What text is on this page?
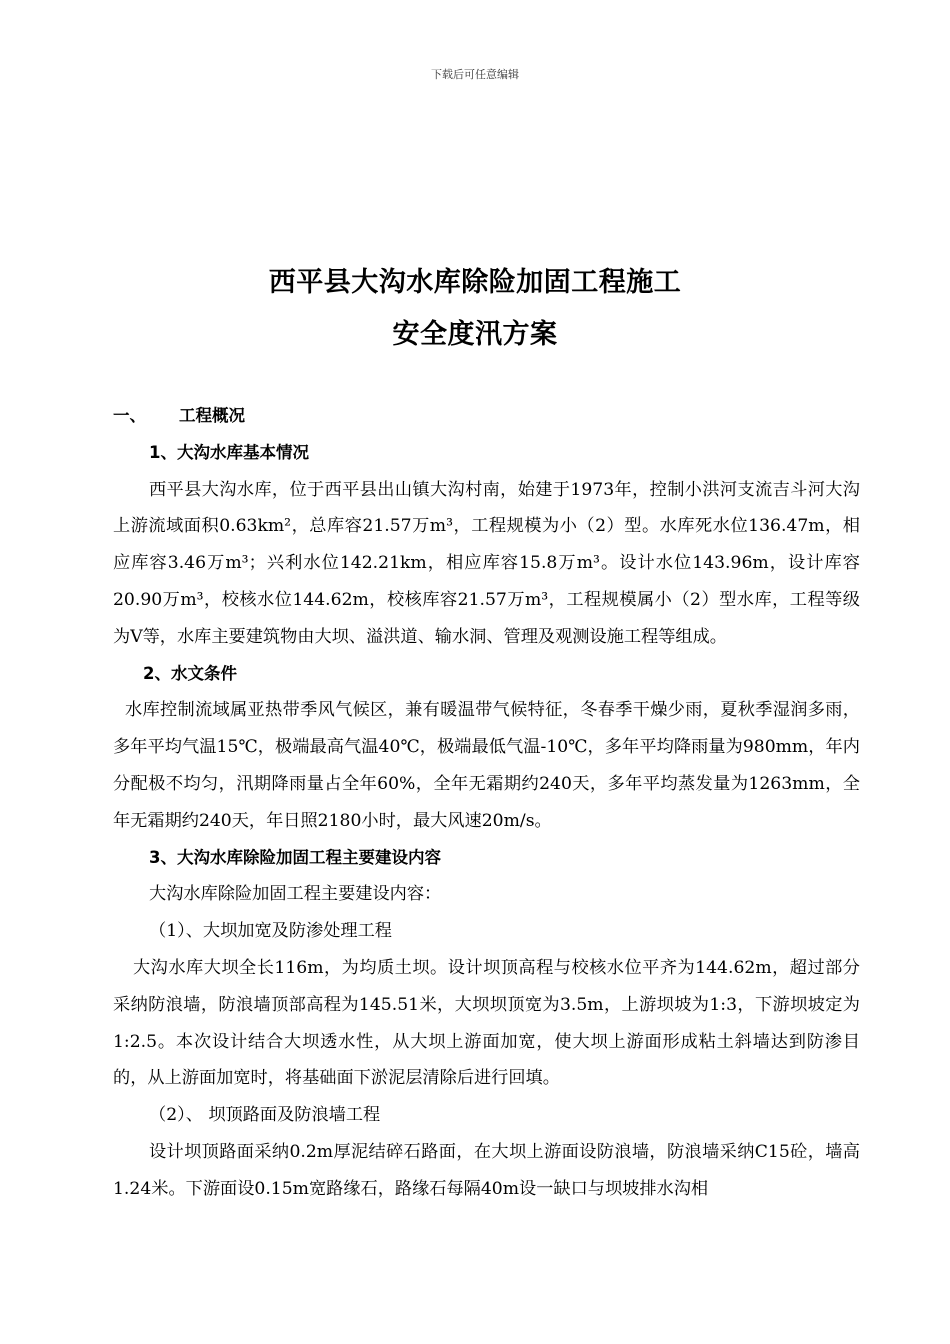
下载后可任意编辑
西平县大沟水库除险加固工程施工
安全度汛方案

一、 工程概况

1、大沟水库基本情况

西平县大沟水库，位于西平县出山镇大沟村南，始建于1973年，控制小洪河支流吉斗河大沟上游流域面积0.63km²，总库容21.57万m³，工程规模为小（2）型。水库死水位136.47m，相应库容3.46万m³；兴利水位142.21km，相应库容15.8万m³。设计水位143.96m，设计库容20.90万m³，校核水位144.62m，校核库容21.57万m³，工程规模属小（2）型水库，工程等级为Ⅴ等，水库主要建筑物由大坝、溢洪道、输水洞、管理及观测设施工程等组成。

2、水文条件

水库控制流域属亚热带季风气候区，兼有暖温带气候特征，冬春季干燥少雨，夏秋季湿润多雨，多年平均气温15℃，极端最高气温40℃，极端最低气温-10℃，多年平均降雨量为980mm，年内分配极不均匀，汛期降雨量占全年60%，全年无霜期约240天，多年平均蒸发量为1263mm，全年无霜期约240天，年日照2180小时，最大风速20m/s。

3、大沟水库除险加固工程主要建设内容

大沟水库除险加固工程主要建设内容：

（1）、大坝加宽及防渗处理工程

大沟水库大坝全长116m，为均质土坝。设计坝顶高程与校核水位平齐为144.62m，超过部分采纳防浪墙，防浪墙顶部高程为145.51米，大坝坝顶宽为3.5m，上游坝坡为1:3，下游坝坡定为1:2.5。本次设计结合大坝透水性，从大坝上游面加宽，使大坝上游面形成粘土斜墙达到防渗目的，从上游面加宽时，将基础面下淤泥层清除后进行回填。

（2）、 坝顶路面及防浪墙工程

设计坝顶路面采纳0.2m厚泥结碎石路面，在大坝上游面设防浪墙，防浪墙采纳C15砼，墙高1.24米。下游面设0.15m宽路缘石，路缘石每隔40m设一缺口与坝坡排水沟相
